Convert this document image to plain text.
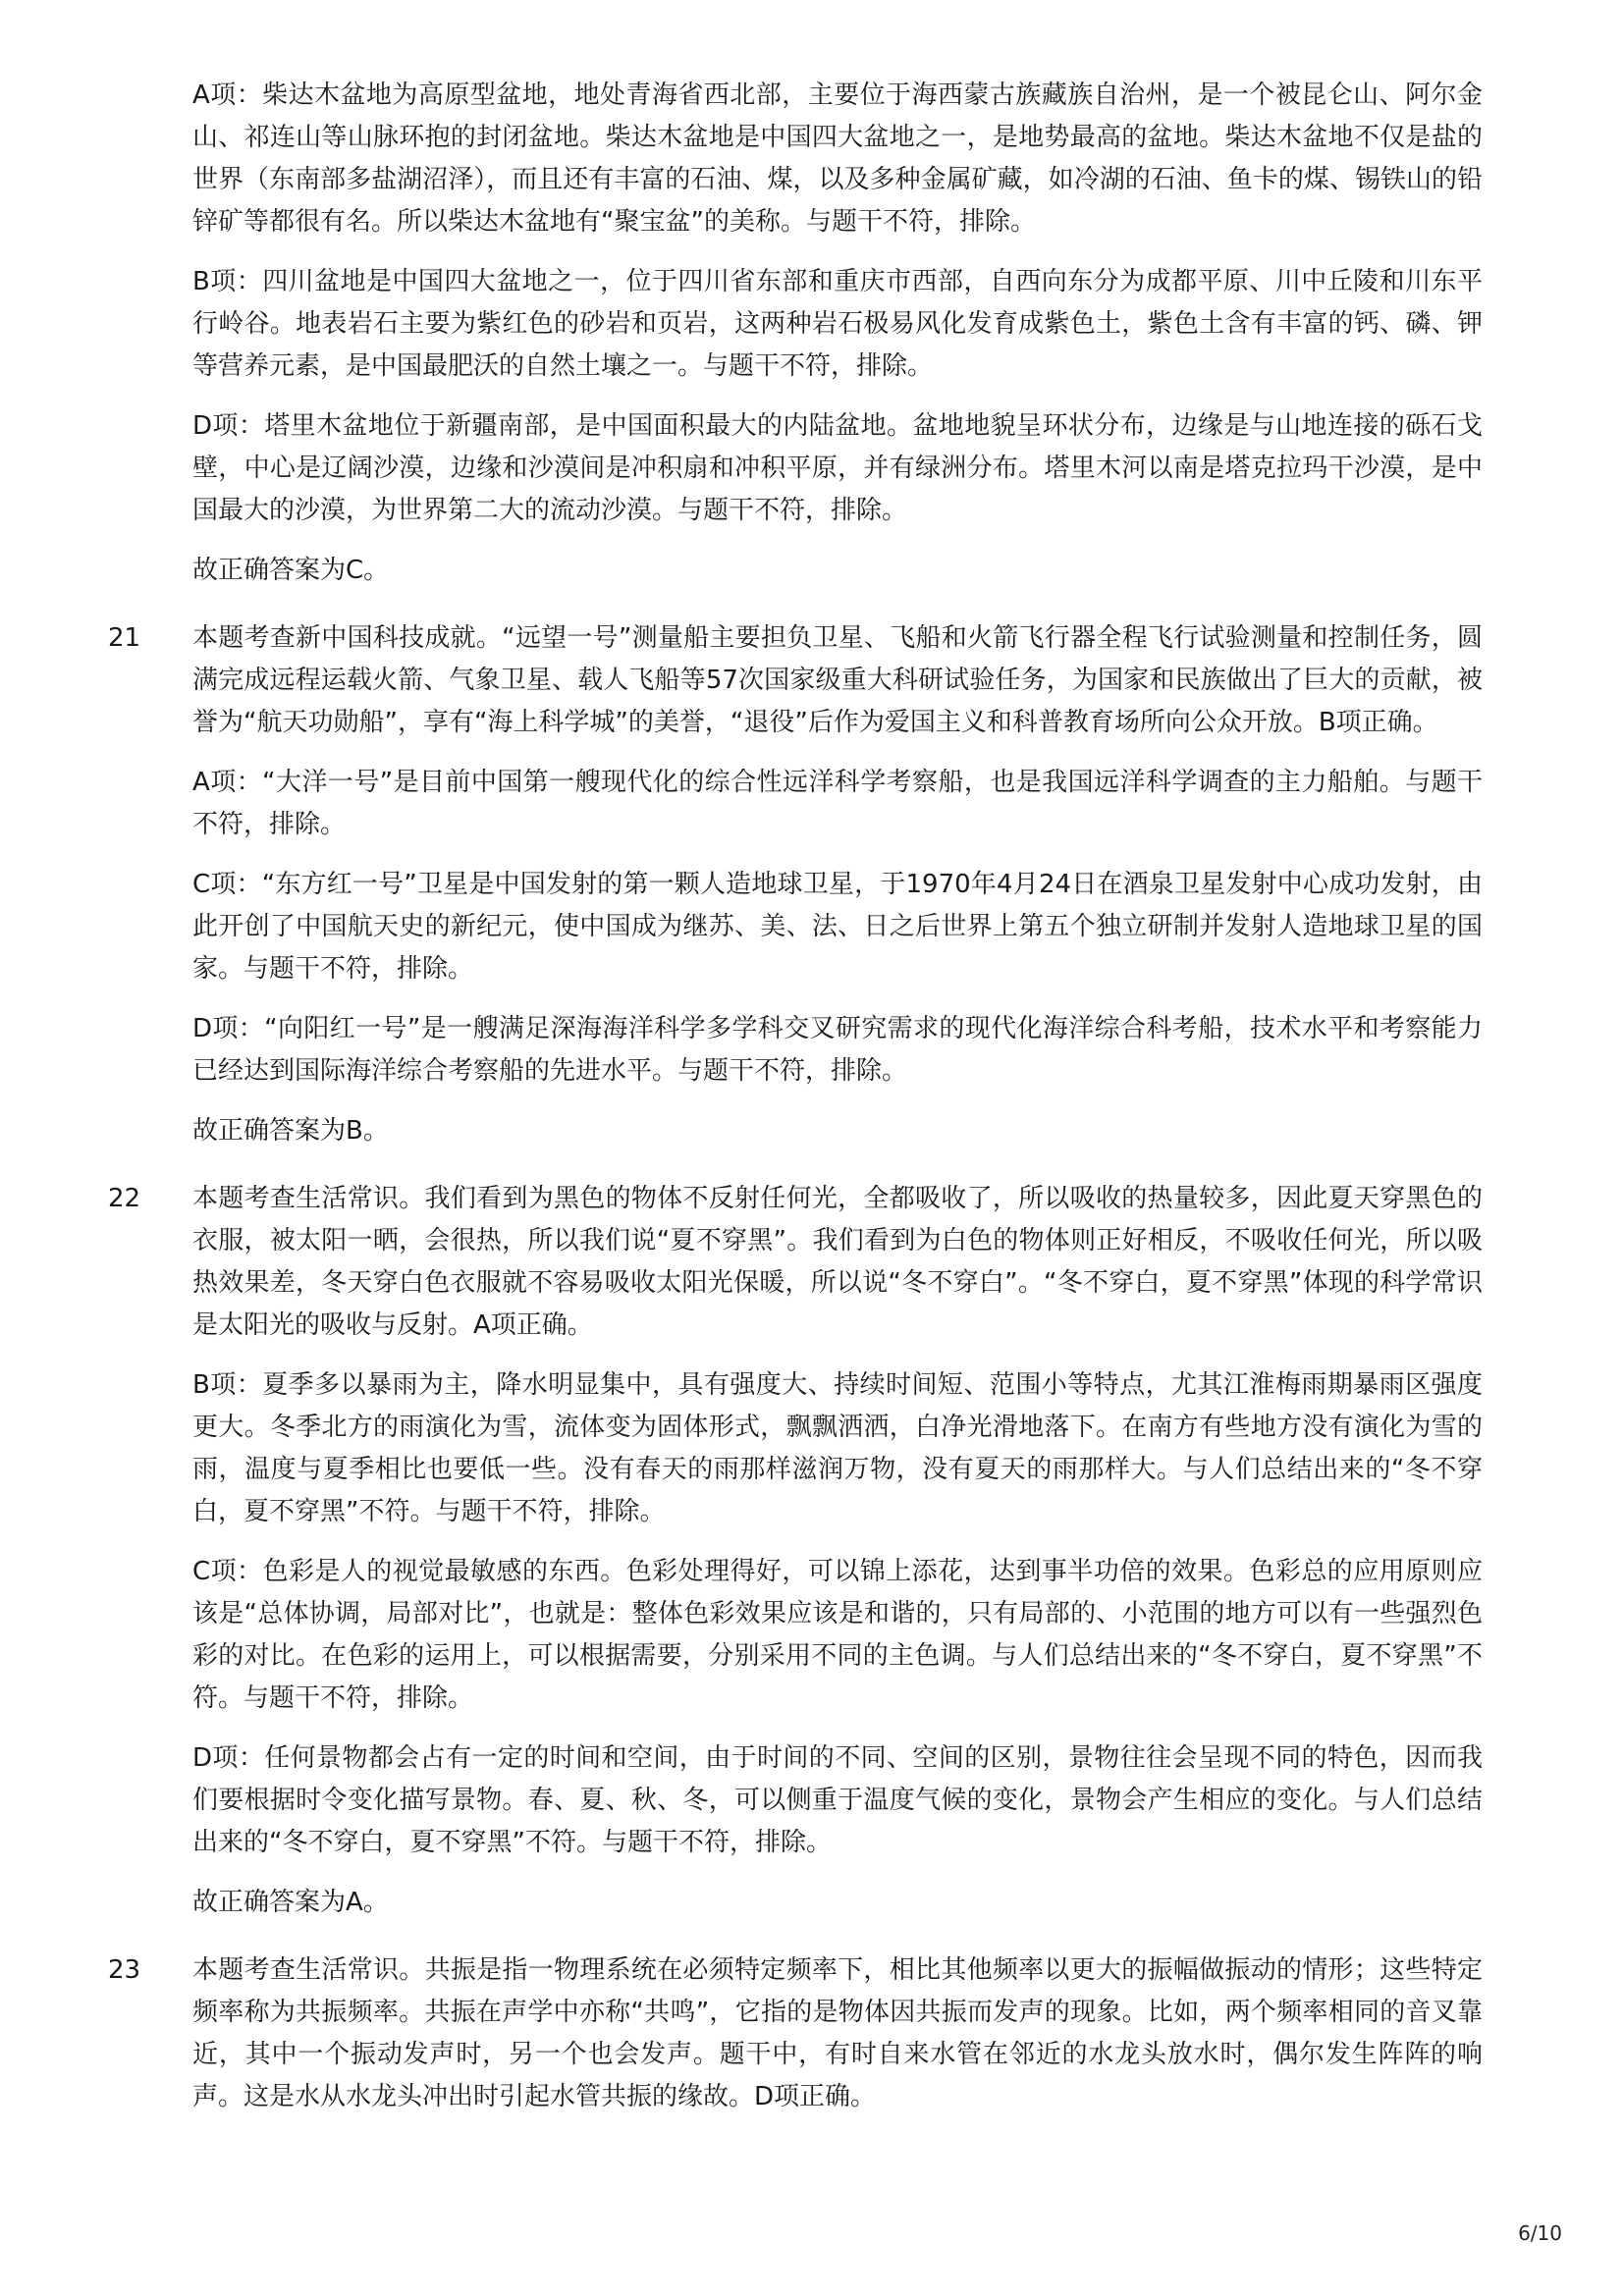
A项：柴达木盆地为高原型盆地，地处青海省西北部，主要位于海西蒙古族藏族自治州，是一个被昆仑山、阿尔金山、祁连山等山脉环抱的封闭盆地。柴达木盆地是中国四大盆地之一，是地势最高的盆地。柴达木盆地不仅是盐的世界（东南部多盐湖沼泽），而且还有丰富的石油、煤，以及多种金属矿藏，如冷湖的石油、鱼卡的煤、锡铁山的铅锌矿等都很有名。所以柴达木盆地有“聚宝盆”的美称。与题干不符，排除。

B项：四川盆地是中国四大盆地之一，位于四川省东部和重庆市西部，自西向东分为成都平原、川中丘陵和川东平行岭谷。地表岩石主要为紫红色的砂岩和页岩，这两种岩石极易风化发育成紫色土，紫色土含有丰富的钙、磷、钾等营养元素，是中国最肥沃的自然土壤之一。与题干不符，排除。

D项：塔里木盆地位于新疆南部，是中国面积最大的内陆盆地。盆地地貌呈环状分布，边缘是与山地连接的砾石戈壁，中心是辽阔沙漠，边缘和沙漠间是冲积扇和冲积平原，并有绿洲分布。塔里木河以南是塔克拉玛干沙漠，是中国最大的沙漠，为世界第二大的流动沙漠。与题干不符，排除。

故正确答案为C。

21 本题考查新中国科技成就。“远望一号”测量船主要担负卫星、飞船和火箭飞行器全程飞行试验测量和控制任务，圆满完成远程运载火箭、气象卫星、载人飞船等57次国家级重大科研试验任务，为国家和民族做出了巨大的贡献，被誉为“航天功勋船”，享有“海上科学城”的美誉，“退役”后作为爱国主义和科普教育场所向公众开放。B项正确。

A项：“大洋一号”是目前中国第一艘现代化的综合性远洋科学考察船，也是我国远洋科学调查的主力船舶。与题干不符，排除。

C项：“东方红一号”卫星是中国发射的第一颗人造地球卫星，于1970年4月24日在酒泉卫星发射中心成功发射，由此开创了中国航天史的新纪元，使中国成为继苏、美、法、日之后世界上第五个独立研制并发射人造地球卫星的国家。与题干不符，排除。

D项：“向阳红一号”是一艘满足深海海洋科学多学科交叉研究需求的现代化海洋综合科考船，技术水平和考察能力已经达到国际海洋综合考察船的先进水平。与题干不符，排除。

故正确答案为B。

22 本题考查生活常识。我们看到为黑色的物体不反射任何光，全都吸收了，所以吸收的热量较多，因此夏天穿黑色的衣服，被太阳一晒，会很热，所以我们说“夏不穿黑”。我们看到为白色的物体则正好相反，不吸收任何光，所以吸热效果差，冬天穿白色衣服就不容易吸收太阳光保暖，所以说“冬不穿白”。“冬不穿白，夏不穿黑”体现的科学常识是太阳光的吸收与反射。A项正确。

B项：夏季多以暴雨为主，降水明显集中，具有强度大、持续时间短、范围小等特点，尤其江淮梅雨期暴雨区强度更大。冬季北方的雨演化为雪，流体变为固体形式，飘飘洒洒，白净光滑地落下。在南方有些地方没有演化为雪的雨，温度与夏季相比也要低一些。没有春天的雨那样滋润万物，没有夏天的雨那样大。与人们总结出来的“冬不穿白，夏不穿黑”不符。与题干不符，排除。

C项：色彩是人的视觉最敏感的东西。色彩处理得好，可以锦上添花，达到事半功倍的效果。色彩总的应用原则应该是“总体协调，局部对比”，也就是：整体色彩效果应该是和谐的，只有局部的、小范围的地方可以有一些强烈色彩的对比。在色彩的运用上，可以根据需要，分别采用不同的主色调。与人们总结出来的“冬不穿白，夏不穿黑”不符。与题干不符，排除。

D项：任何景物都会占有一定的时间和空间，由于时间的不同、空间的区别，景物往往会呈现不同的特色，因而我们要根据时令变化描写景物。春、夏、秋、冬，可以侧重于温度气候的变化，景物会产生相应的变化。与人们总结出来的“冬不穿白，夏不穿黑”不符。与题干不符，排除。

故正确答案为A。

23 本题考查生活常识。共振是指一物理系统在必须特定频率下，相比其他频率以更大的振幅做振动的情形；这些特定频率称为共振频率。共振在声学中亦称“共鸣”，它指的是物体因共振而发声的现象。比如，两个频率相同的音叉靠近，其中一个振动发声时，另一个也会发声。题干中，有时自来水管在邻近的水龙头放水时，偶尔发生阵阵的响声。这是水从水龙头冲出时引起水管共振的缘故。D项正确。

6/10
